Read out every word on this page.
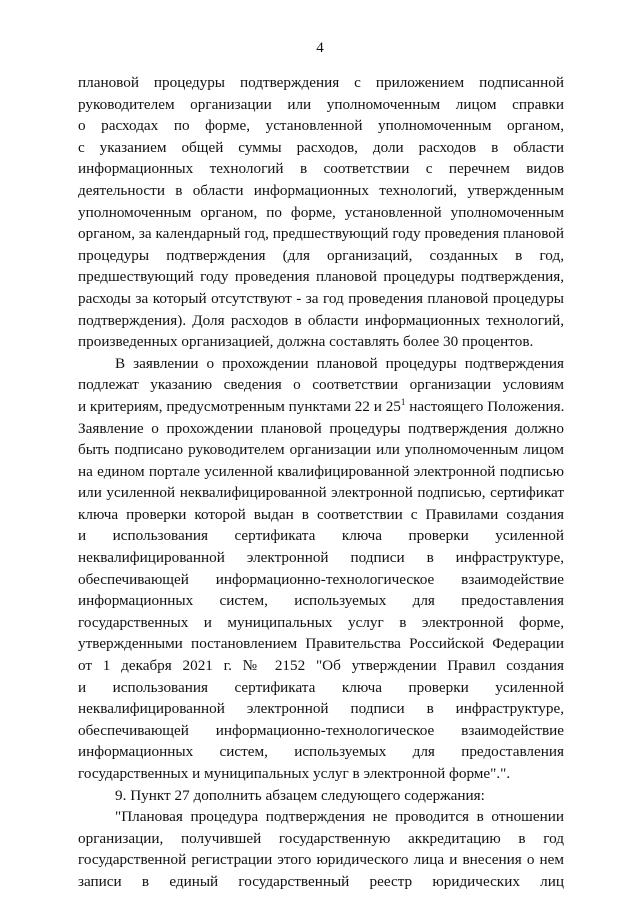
4
плановой процедуры подтверждения с приложением подписанной
руководителем организации или уполномоченным лицом справки
о расходах по форме, установленной уполномоченным органом,
с указанием общей суммы расходов, доли расходов в области
информационных технологий в соответствии с перечнем видов
деятельности в области информационных технологий, утвержденным
уполномоченным органом, по форме, установленной уполномоченным
органом, за календарный год, предшествующий году проведения плановой
процедуры подтверждения (для организаций, созданных в год,
предшествующий году проведения плановой процедуры подтверждения,
расходы за который отсутствуют - за год проведения плановой процедуры
подтверждения). Доля расходов в области информационных технологий,
произведенных организацией, должна составлять более 30 процентов.
В заявлении о прохождении плановой процедуры подтверждения
подлежат указанию сведения о соответствии организации условиям
и критериям, предусмотренным пунктами 22 и $25^1$ настоящего Положения.
Заявление о прохождении плановой процедуры подтверждения должно
быть подписано руководителем организации или уполномоченным лицом
на едином портале усиленной квалифицированной электронной подписью
или усиленной неквалифицированной электронной подписью, сертификат
ключа проверки которой выдан в соответствии с Правилами создания
и использования сертификата ключа проверки усиленной
неквалифицированной электронной подписи в инфраструктуре,
обеспечивающей информационно-технологическое взаимодействие
информационных систем, используемых для предоставления
государственных и муниципальных услуг в электронной форме,
утвержденными постановлением Правительства Российской Федерации
от 1 декабря 2021 г. № 2152 "Об утверждении Правил создания
и использования сертификата ключа проверки усиленной
неквалифицированной электронной подписи в инфраструктуре,
обеспечивающей информационно-технологическое взаимодействие
информационных систем, используемых для предоставления
государственных и муниципальных услуг в электронной форме".".
9. Пункт 27 дополнить абзацем следующего содержания:
"Плановая процедура подтверждения не проводится в отношении
организации, получившей государственную аккредитацию в год
государственной регистрации этого юридического лица и внесения о нем
записи в единый государственный реестр юридических лиц
